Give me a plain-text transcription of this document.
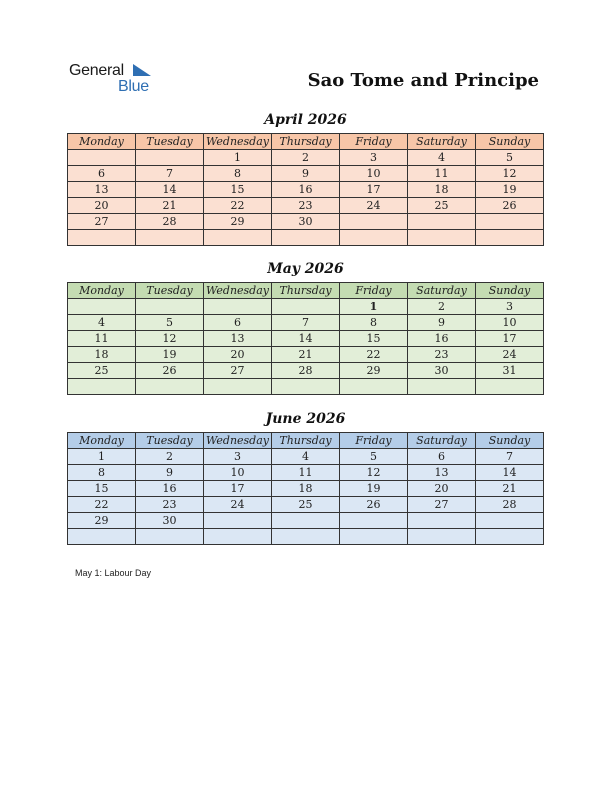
General
Blue	Sao Tome and Principe
April 2026
Monday	Tuesday	Wednesday	Thursday	Friday	Saturday	Sunday
		1	2	3	4	5
6	7	8	9	10	11	12
13	14	15	16	17	18	19
20	21	22	23	24	25	26
27	28	29	30			

May 2026
Monday	Tuesday	Wednesday	Thursday	Friday	Saturday	Sunday
				1	2	3
4	5	6	7	8	9	10
11	12	13	14	15	16	17
18	19	20	21	22	23	24
25	26	27	28	29	30	31

June 2026
Monday	Tuesday	Wednesday	Thursday	Friday	Saturday	Sunday
1	2	3	4	5	6	7
8	9	10	11	12	13	14
15	16	17	18	19	20	21
22	23	24	25	26	27	28
29	30					

May 1: Labour Day
